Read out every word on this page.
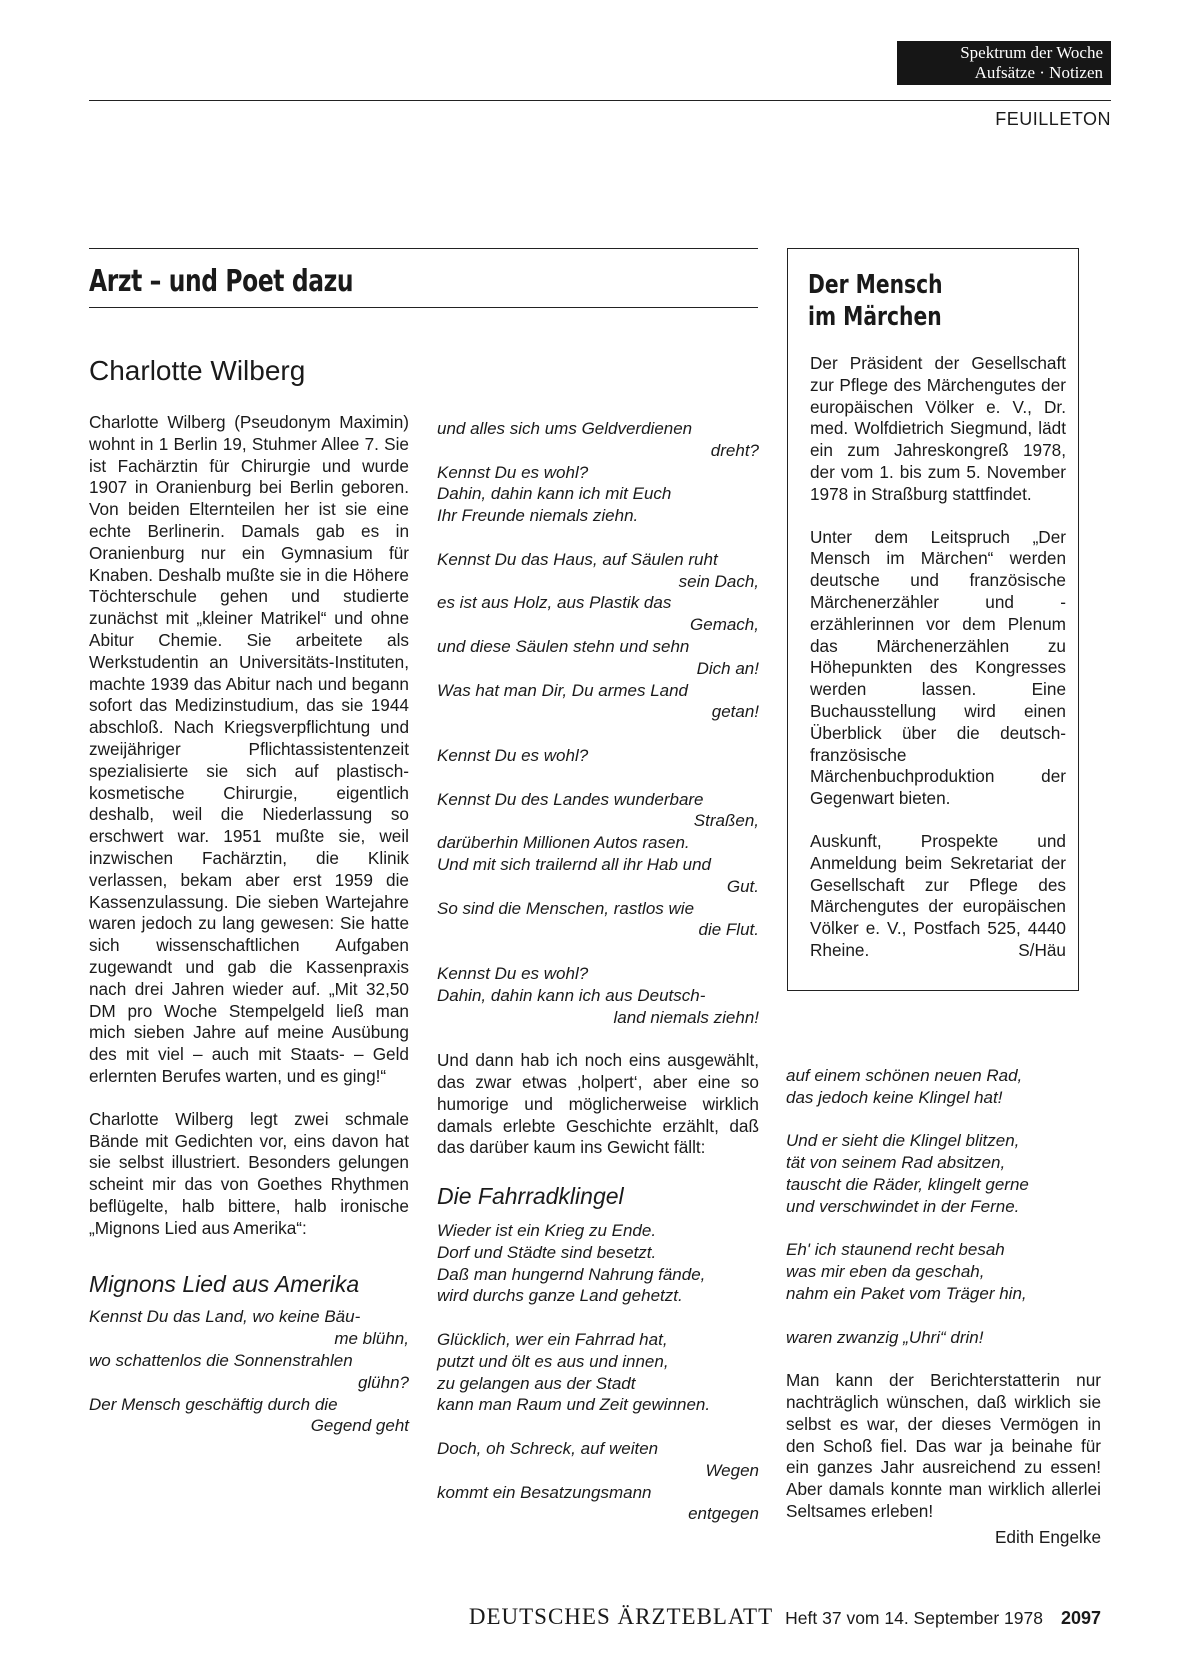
Spektrum der Woche
Aufsätze · Notizen
FEUILLETON
Arzt – und Poet dazu
Charlotte Wilberg

Charlotte Wilberg (Pseudonym Maximin) wohnt in 1 Berlin 19, Stuhmer Allee 7. Sie ist Fachärztin für Chirurgie und wurde 1907 in Oranienburg bei Berlin geboren. Von beiden Elternteilen her ist sie eine echte Berlinerin. Damals gab es in Oranienburg nur ein Gymnasium für Knaben. Deshalb mußte sie in die Höhere Töchterschule gehen und studierte zunächst mit „kleiner Matrikel“ und ohne Abitur Chemie. Sie arbeitete als Werkstudentin an Universitäts-Instituten, machte 1939 das Abitur nach und begann sofort das Medizinstudium, das sie 1944 abschloß. Nach Kriegsverpflichtung und zweijähriger Pflichtassistentenzeit spezialisierte sie sich auf plastisch-kosmetische Chirurgie, eigentlich deshalb, weil die Niederlassung so erschwert war. 1951 mußte sie, weil inzwischen Fachärztin, die Klinik verlassen, bekam aber erst 1959 die Kassenzulassung. Die sieben Wartejahre waren jedoch zu lang gewesen: Sie hatte sich wissenschaftlichen Aufgaben zugewandt und gab die Kassenpraxis nach drei Jahren wieder auf. „Mit 32,50 DM pro Woche Stempelgeld ließ man mich sieben Jahre auf meine Ausübung des mit viel – auch mit Staats- – Geld erlernten Berufes warten, und es ging!“

Charlotte Wilberg legt zwei schmale Bände mit Gedichten vor, eins davon hat sie selbst illustriert. Besonders gelungen scheint mir das von Goethes Rhythmen beflügelte, halb bittere, halb ironische „Mignons Lied aus Amerika“:

Mignons Lied aus Amerika
Kennst Du das Land, wo keine Bäu-
me blühn,
wo schattenlos die Sonnenstrahlen
glühn?
Der Mensch geschäftig durch die
Gegend geht
und alles sich ums Geldverdienen
dreht?
Kennst Du es wohl?
Dahin, dahin kann ich mit Euch
Ihr Freunde niemals ziehn.
Kennst Du das Haus, auf Säulen ruht
sein Dach,
es ist aus Holz, aus Plastik das
Gemach,
und diese Säulen stehn und sehn
Dich an!
Was hat man Dir, Du armes Land
getan!
Kennst Du es wohl?
Kennst Du des Landes wunderbare
Straßen,
darüberhin Millionen Autos rasen.
Und mit sich trailernd all ihr Hab und
Gut.
So sind die Menschen, rastlos wie
die Flut.
Kennst Du es wohl?
Dahin, dahin kann ich aus Deutsch-
land niemals ziehn!

Und dann hab ich noch eins ausgewählt, das zwar etwas ‚holpert‘, aber eine so humorige und möglicherweise wirklich damals erlebte Geschichte erzählt, daß das darüber kaum ins Gewicht fällt:

Die Fahrradklingel
Wieder ist ein Krieg zu Ende.
Dorf und Städte sind besetzt.
Daß man hungernd Nahrung fände,
wird durchs ganze Land gehetzt.
Glücklich, wer ein Fahrrad hat,
putzt und ölt es aus und innen,
zu gelangen aus der Stadt
kann man Raum und Zeit gewinnen.
Doch, oh Schreck, auf weiten
Wegen
kommt ein Besatzungsmann
entgegen
Der Mensch
im Märchen

Der Präsident der Gesellschaft zur Pflege des Märchengutes der europäischen Völker e. V., Dr. med. Wolfdietrich Siegmund, lädt ein zum Jahreskongreß 1978, der vom 1. bis zum 5. November 1978 in Straßburg stattfindet.

Unter dem Leitspruch „Der Mensch im Märchen“ werden deutsche und französische Märchenerzähler und -erzählerinnen vor dem Plenum das Märchenerzählen zu Höhepunkten des Kongresses werden lassen. Eine Buchausstellung wird einen Überblick über die deutsch-französische Märchenbuchproduktion der Gegenwart bieten.

Auskunft, Prospekte und Anmeldung beim Sekretariat der Gesellschaft zur Pflege des Märchengutes der europäischen Völker e. V., Postfach 525, 4440 Rheine.	S/Häu

auf einem schönen neuen Rad,
das jedoch keine Klingel hat!
Und er sieht die Klingel blitzen,
tät von seinem Rad absitzen,
tauscht die Räder, klingelt gerne
und verschwindet in der Ferne.
Eh' ich staunend recht besah
was mir eben da geschah,
nahm ein Paket vom Träger hin,
waren zwanzig „Uhri“ drin!

Man kann der Berichterstatterin nur nachträglich wünschen, daß wirklich sie selbst es war, der dieses Vermögen in den Schoß fiel. Das war ja beinahe für ein ganzes Jahr ausreichend zu essen! Aber damals konnte man wirklich allerlei Seltsames erleben!

Edith Engelke
DEUTSCHES ÄRZTEBLATT Heft 37 vom 14. September 1978 2097
